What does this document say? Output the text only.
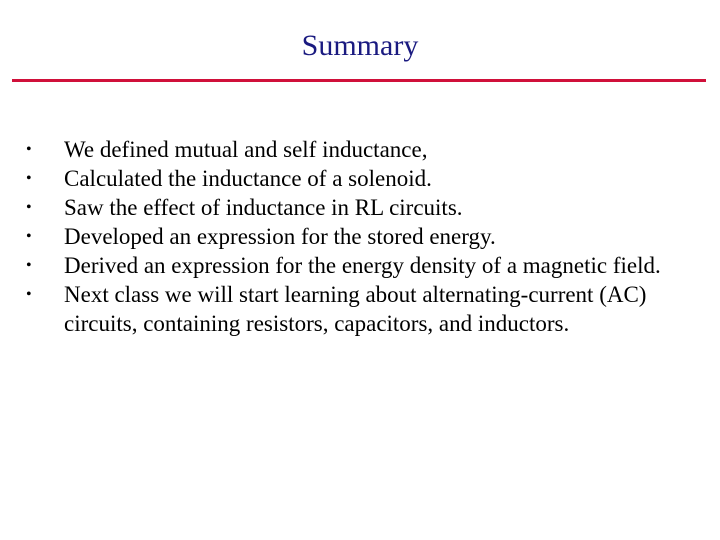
Summary
•	We defined mutual and self inductance,
•	Calculated the inductance of a solenoid.
•	Saw the effect of inductance in RL circuits.
•	Developed an expression for the stored energy.
•	Derived an expression for the energy density of a magnetic field.
•	Next class we will start learning about alternating-current (AC) circuits, containing resistors, capacitors, and inductors.
